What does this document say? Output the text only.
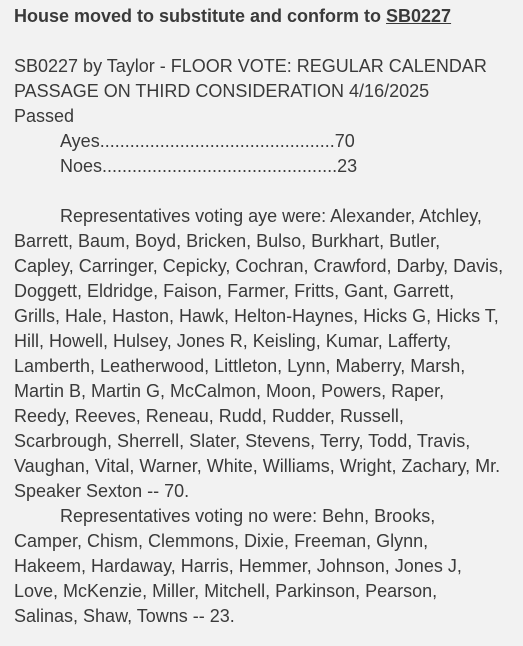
House moved to substitute and conform to SB0227
SB0227 by Taylor - FLOOR VOTE: REGULAR CALENDAR
PASSAGE ON THIRD CONSIDERATION 4/16/2025
Passed
Ayes...............................................70
Noes...............................................23

Representatives voting aye were: Alexander, Atchley, Barrett, Baum, Boyd, Bricken, Bulso, Burkhart, Butler, Capley, Carringer, Cepicky, Cochran, Crawford, Darby, Davis, Doggett, Eldridge, Faison, Farmer, Fritts, Gant, Garrett, Grills, Hale, Haston, Hawk, Helton-Haynes, Hicks G, Hicks T, Hill, Howell, Hulsey, Jones R, Keisling, Kumar, Lafferty, Lamberth, Leatherwood, Littleton, Lynn, Maberry, Marsh, Martin B, Martin G, McCalmon, Moon, Powers, Raper, Reedy, Reeves, Reneau, Rudd, Rudder, Russell, Scarbrough, Sherrell, Slater, Stevens, Terry, Todd, Travis, Vaughan, Vital, Warner, White, Williams, Wright, Zachary, Mr. Speaker Sexton -- 70.

Representatives voting no were: Behn, Brooks, Camper, Chism, Clemmons, Dixie, Freeman, Glynn, Hakeem, Hardaway, Harris, Hemmer, Johnson, Jones J, Love, McKenzie, Miller, Mitchell, Parkinson, Pearson, Salinas, Shaw, Towns -- 23.
